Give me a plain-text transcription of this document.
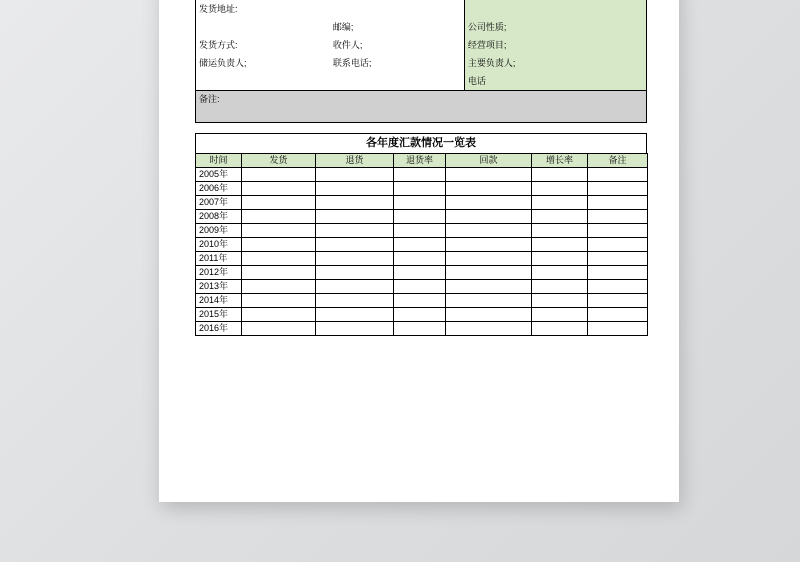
发货地址:
邮编;
发货方式:	收件人;
储运负责人;	联系电话;
公司性质;
经营项目;
主要负责人;
电话
备注:
各年度汇款情况一览表
时间	发货	退货	退货率	回款	增长率	备注
2005年						
2006年						
2007年						
2008年						
2009年						
2010年						
2011年						
2012年						
2013年						
2014年						
2015年						
2016年						
